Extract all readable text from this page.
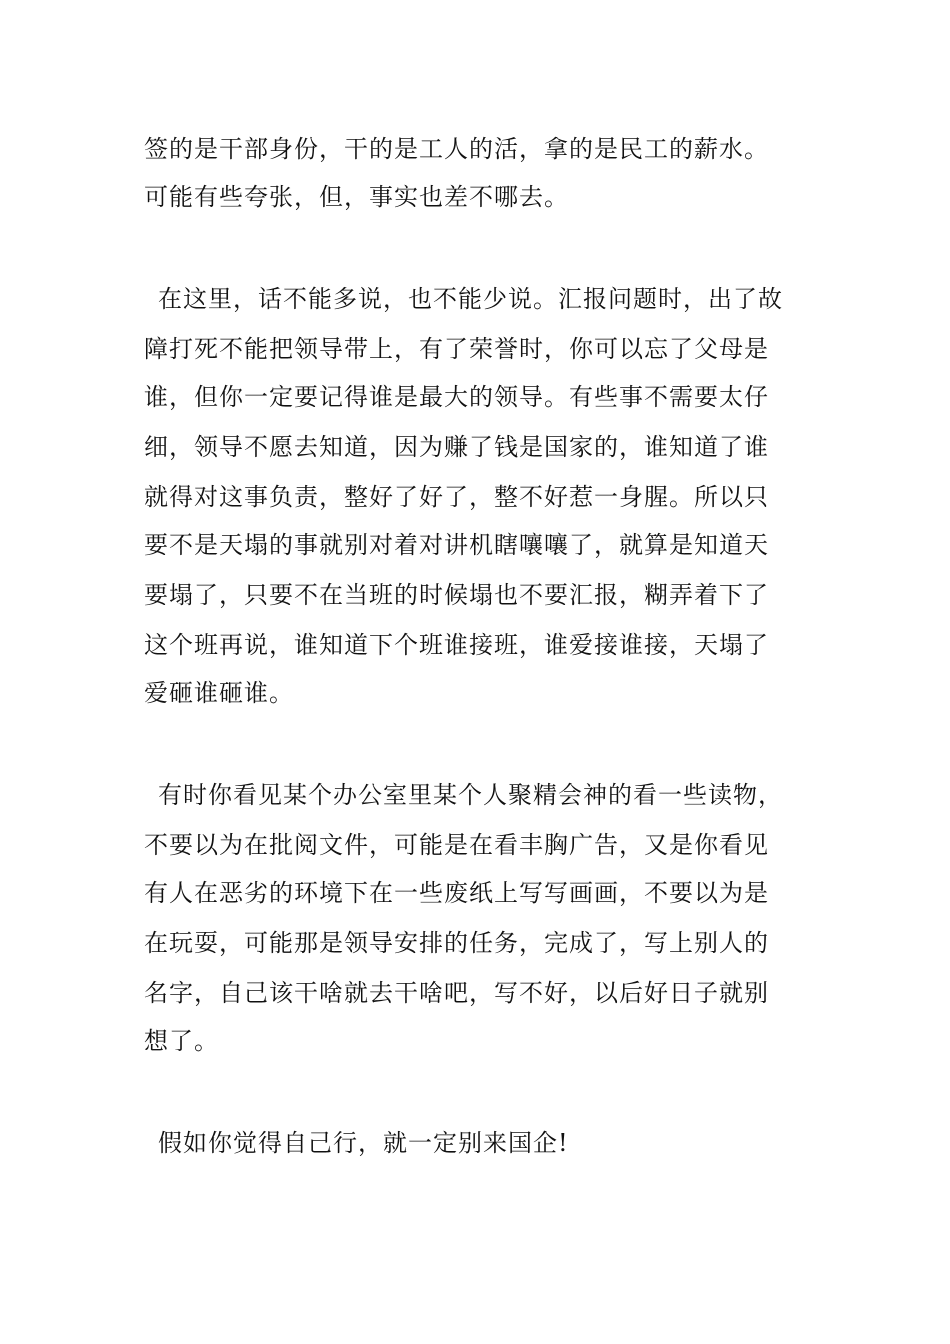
签的是干部身份，干的是工人的活，拿的是民工的薪水。
可能有些夸张，但，事实也差不哪去。
在这里，话不能多说，也不能少说。汇报问题时，出了故
障打死不能把领导带上，有了荣誉时，你可以忘了父母是
谁，但你一定要记得谁是最大的领导。有些事不需要太仔
细，领导不愿去知道，因为赚了钱是国家的，谁知道了谁
就得对这事负责，整好了好了，整不好惹一身腥。所以只
要不是天塌的事就别对着对讲机瞎嚷嚷了，就算是知道天
要塌了，只要不在当班的时候塌也不要汇报，糊弄着下了
这个班再说，谁知道下个班谁接班，谁爱接谁接，天塌了
爱砸谁砸谁。
有时你看见某个办公室里某个人聚精会神的看一些读物，
不要以为在批阅文件，可能是在看丰胸广告，又是你看见
有人在恶劣的环境下在一些废纸上写写画画，不要以为是
在玩耍，可能那是领导安排的任务，完成了，写上别人的
名字，自己该干啥就去干啥吧，写不好，以后好日子就别
想了。
假如你觉得自己行，就一定别来国企!
